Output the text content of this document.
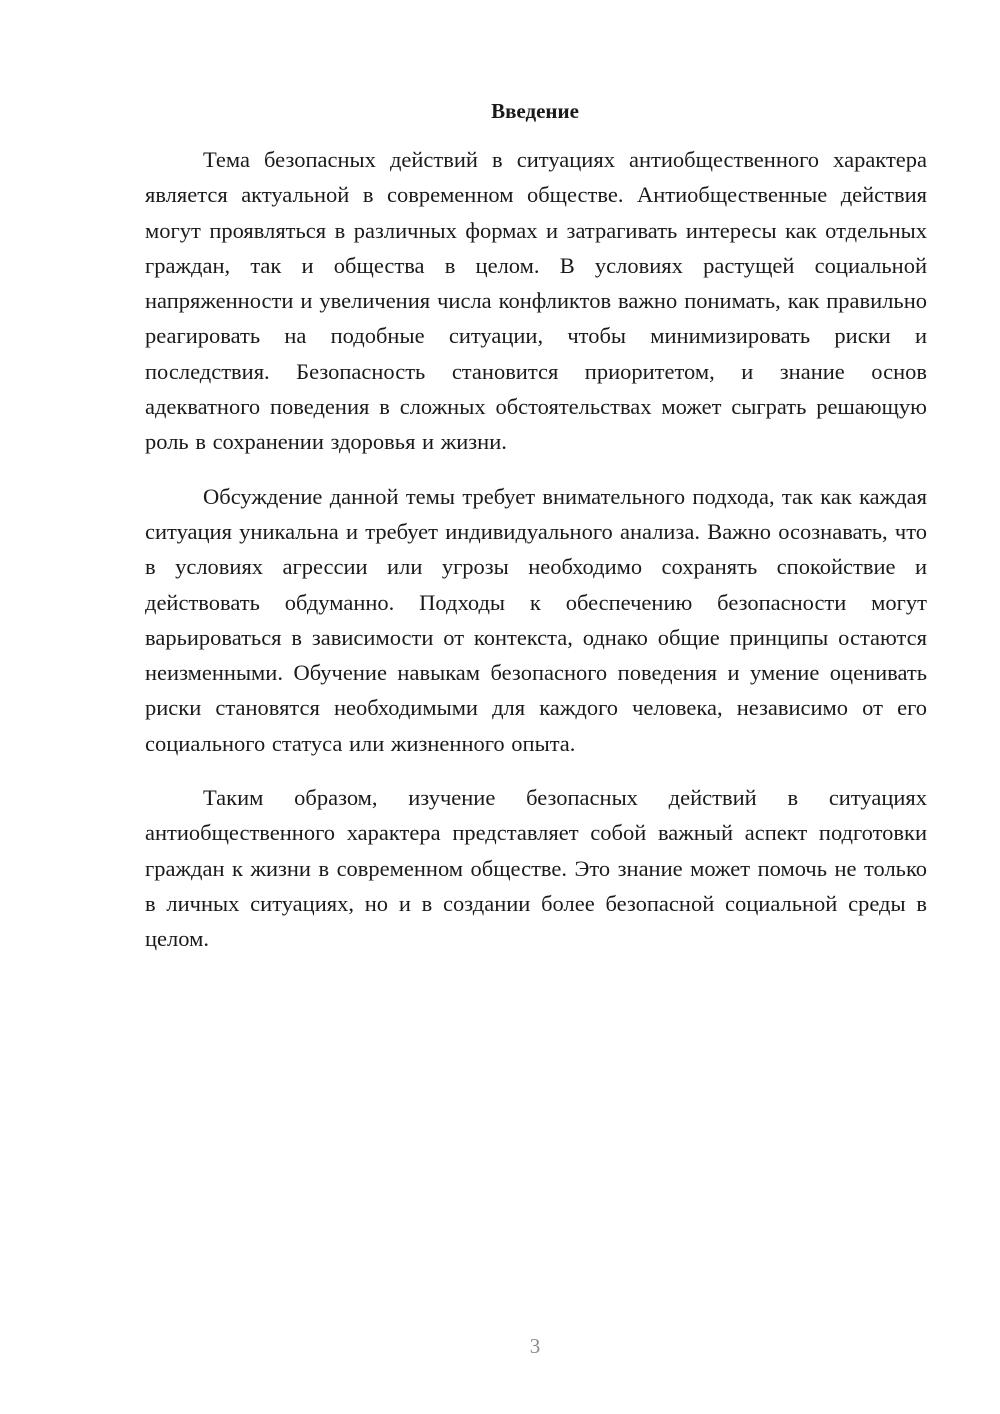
Введение

Тема безопасных действий в ситуациях антиобщественного характера является актуальной в современном обществе. Антиобщественные действия могут проявляться в различных формах и затрагивать интересы как отдельных граждан, так и общества в целом. В условиях растущей социальной напряженности и увеличения числа конфликтов важно понимать, как правильно реагировать на подобные ситуации, чтобы минимизировать риски и последствия. Безопасность становится приоритетом, и знание основ адекватного поведения в сложных обстоятельствах может сыграть решающую роль в сохранении здоровья и жизни.

Обсуждение данной темы требует внимательного подхода, так как каждая ситуация уникальна и требует индивидуального анализа. Важно осознавать, что в условиях агрессии или угрозы необходимо сохранять спокойствие и действовать обдуманно. Подходы к обеспечению безопасности могут варьироваться в зависимости от контекста, однако общие принципы остаются неизменными. Обучение навыкам безопасного поведения и умение оценивать риски становятся необходимыми для каждого человека, независимо от его социального статуса или жизненного опыта.

Таким образом, изучение безопасных действий в ситуациях антиобщественного характера представляет собой важный аспект подготовки граждан к жизни в современном обществе. Это знание может помочь не только в личных ситуациях, но и в создании более безопасной социальной среды в целом.

3
